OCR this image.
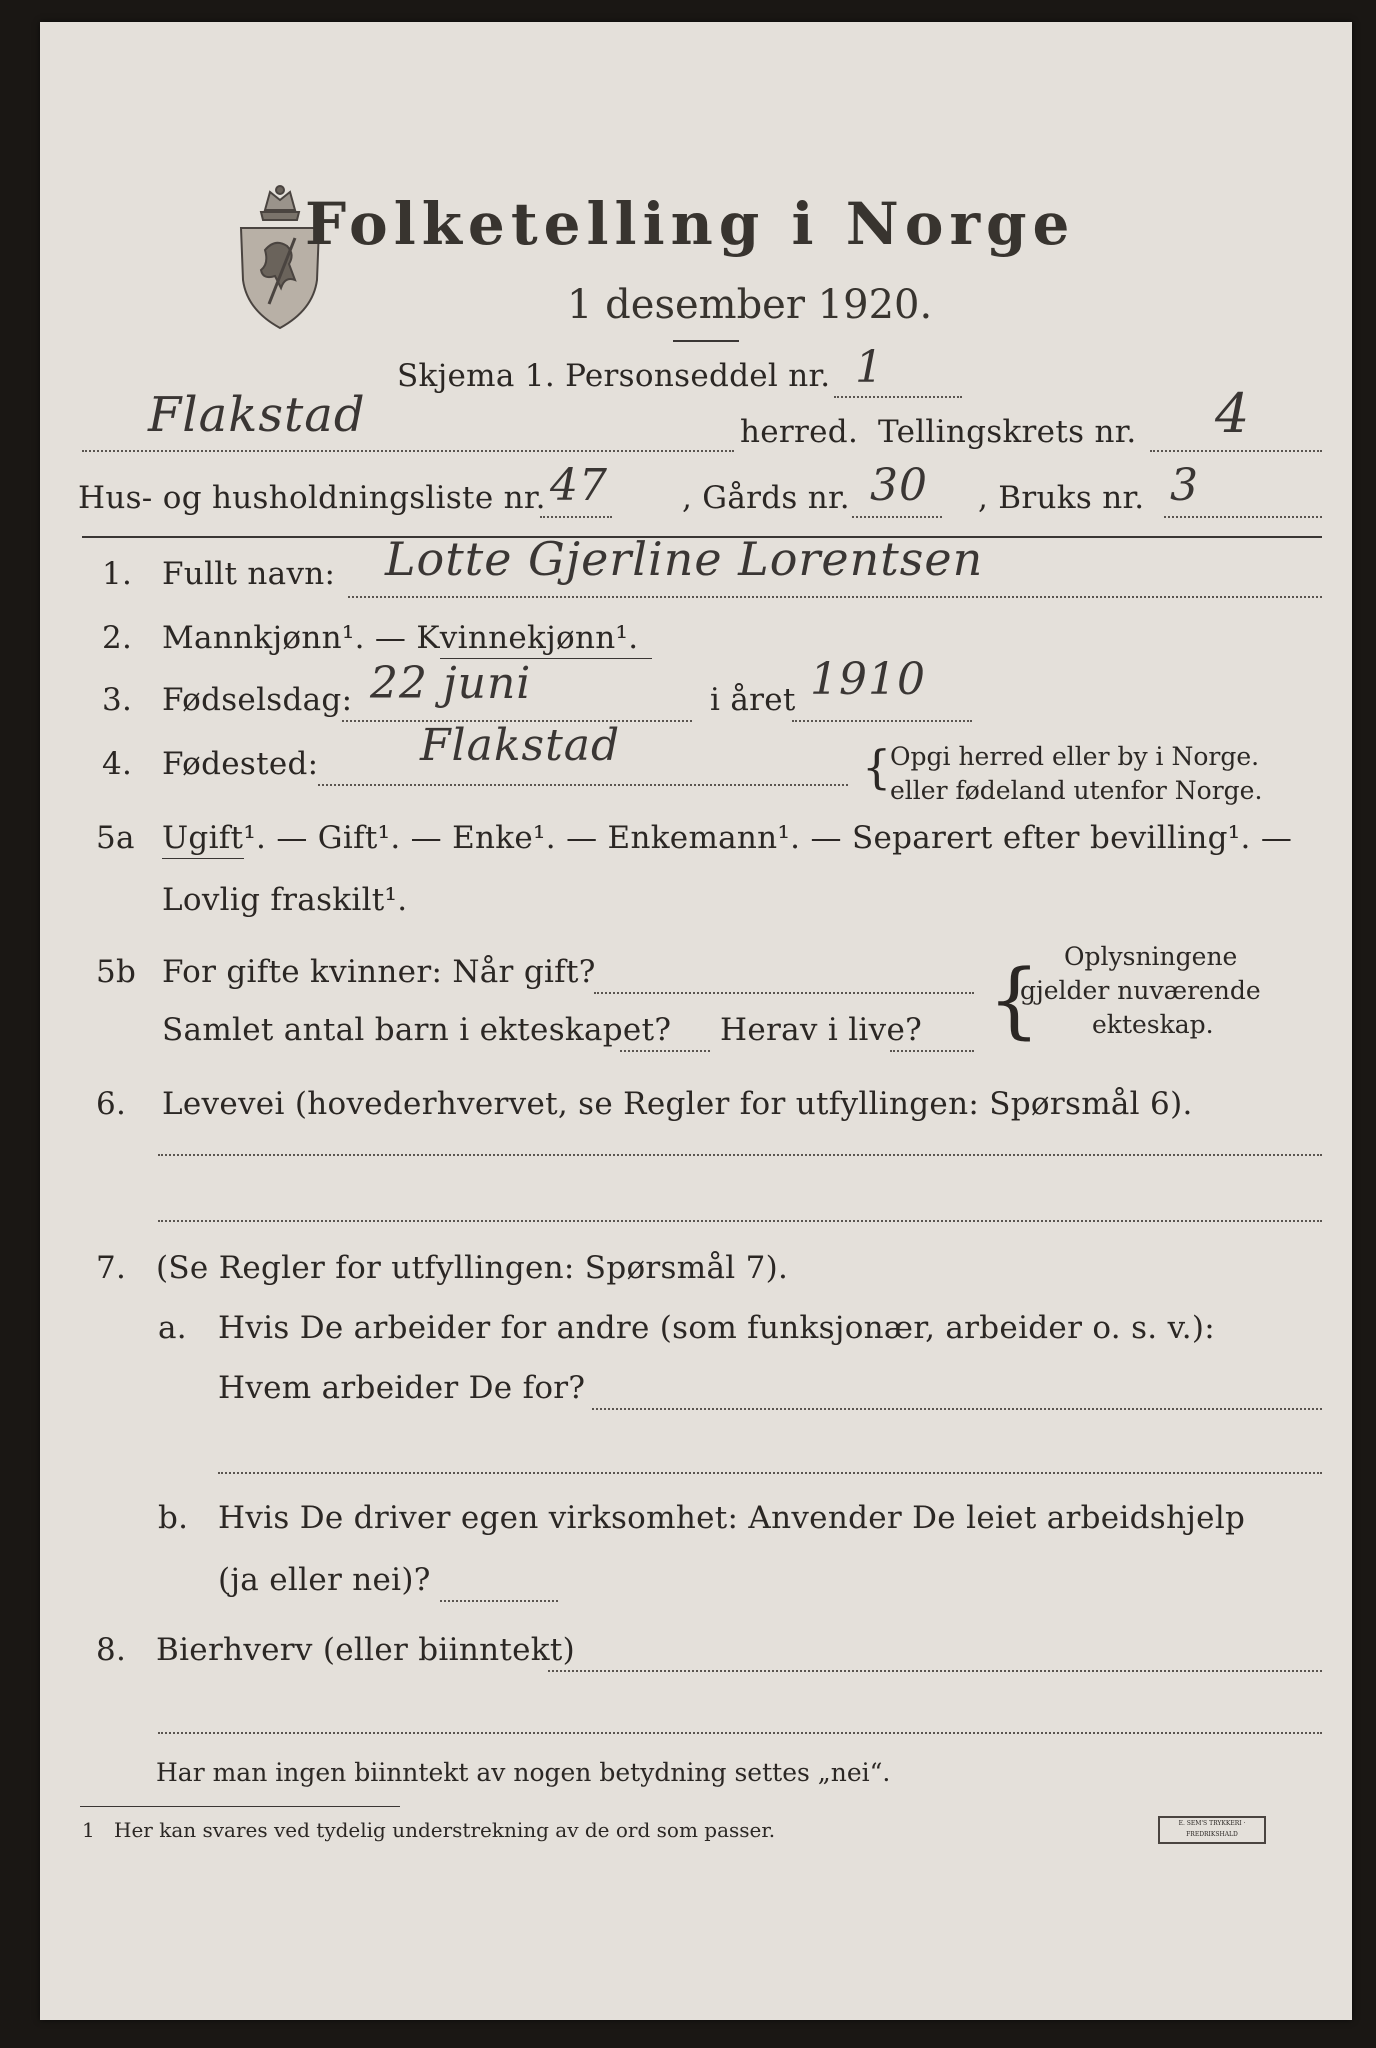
Folketelling i Norge
1 desember 1920.
Skjema 1. Personseddel nr. 1
Flakstad	herred. Tellingskrets nr. 4
Hus- og husholdningsliste nr. 47 , Gårds nr. 30 , Bruks nr. 3
1. Fullt navn: Lotte Gjerline Lorentsen
2. Mannkjønn¹. — Kvinnekjønn¹.
3. Fødselsdag: 22 juni	i året 1910
4. Fødested: Flakstad	{
Opgi herred eller by i Norge.
eller fødeland utenfor Norge.
5a Ugift¹. — Gift¹. — Enke¹. — Enkemann¹. — Separert efter bevilling¹. —
Lovlig fraskilt¹.
5b For gifte kvinner: Når gift?
Samlet antal barn i ekteskapet? Herav i live? { Oplysningene
gjelder nuværende
ekteskap.
6. Levevei (hovederhvervet, se Regler for utfyllingen: Spørsmål 6).
7. (Se Regler for utfyllingen: Spørsmål 7).
a. Hvis De arbeider for andre (som funksjonær, arbeider o. s. v.):
Hvem arbeider De for?
b. Hvis De driver egen virksomhet: Anvender De leiet arbeidshjelp
(ja eller nei)?
8. Bierhverv (eller biinntekt)
Har man ingen biinntekt av nogen betydning settes „nei“.
1 Her kan svares ved tydelig understrekning av de ord som passer.	E. SEM'S TRYKKERI · FREDRIKSHALD
